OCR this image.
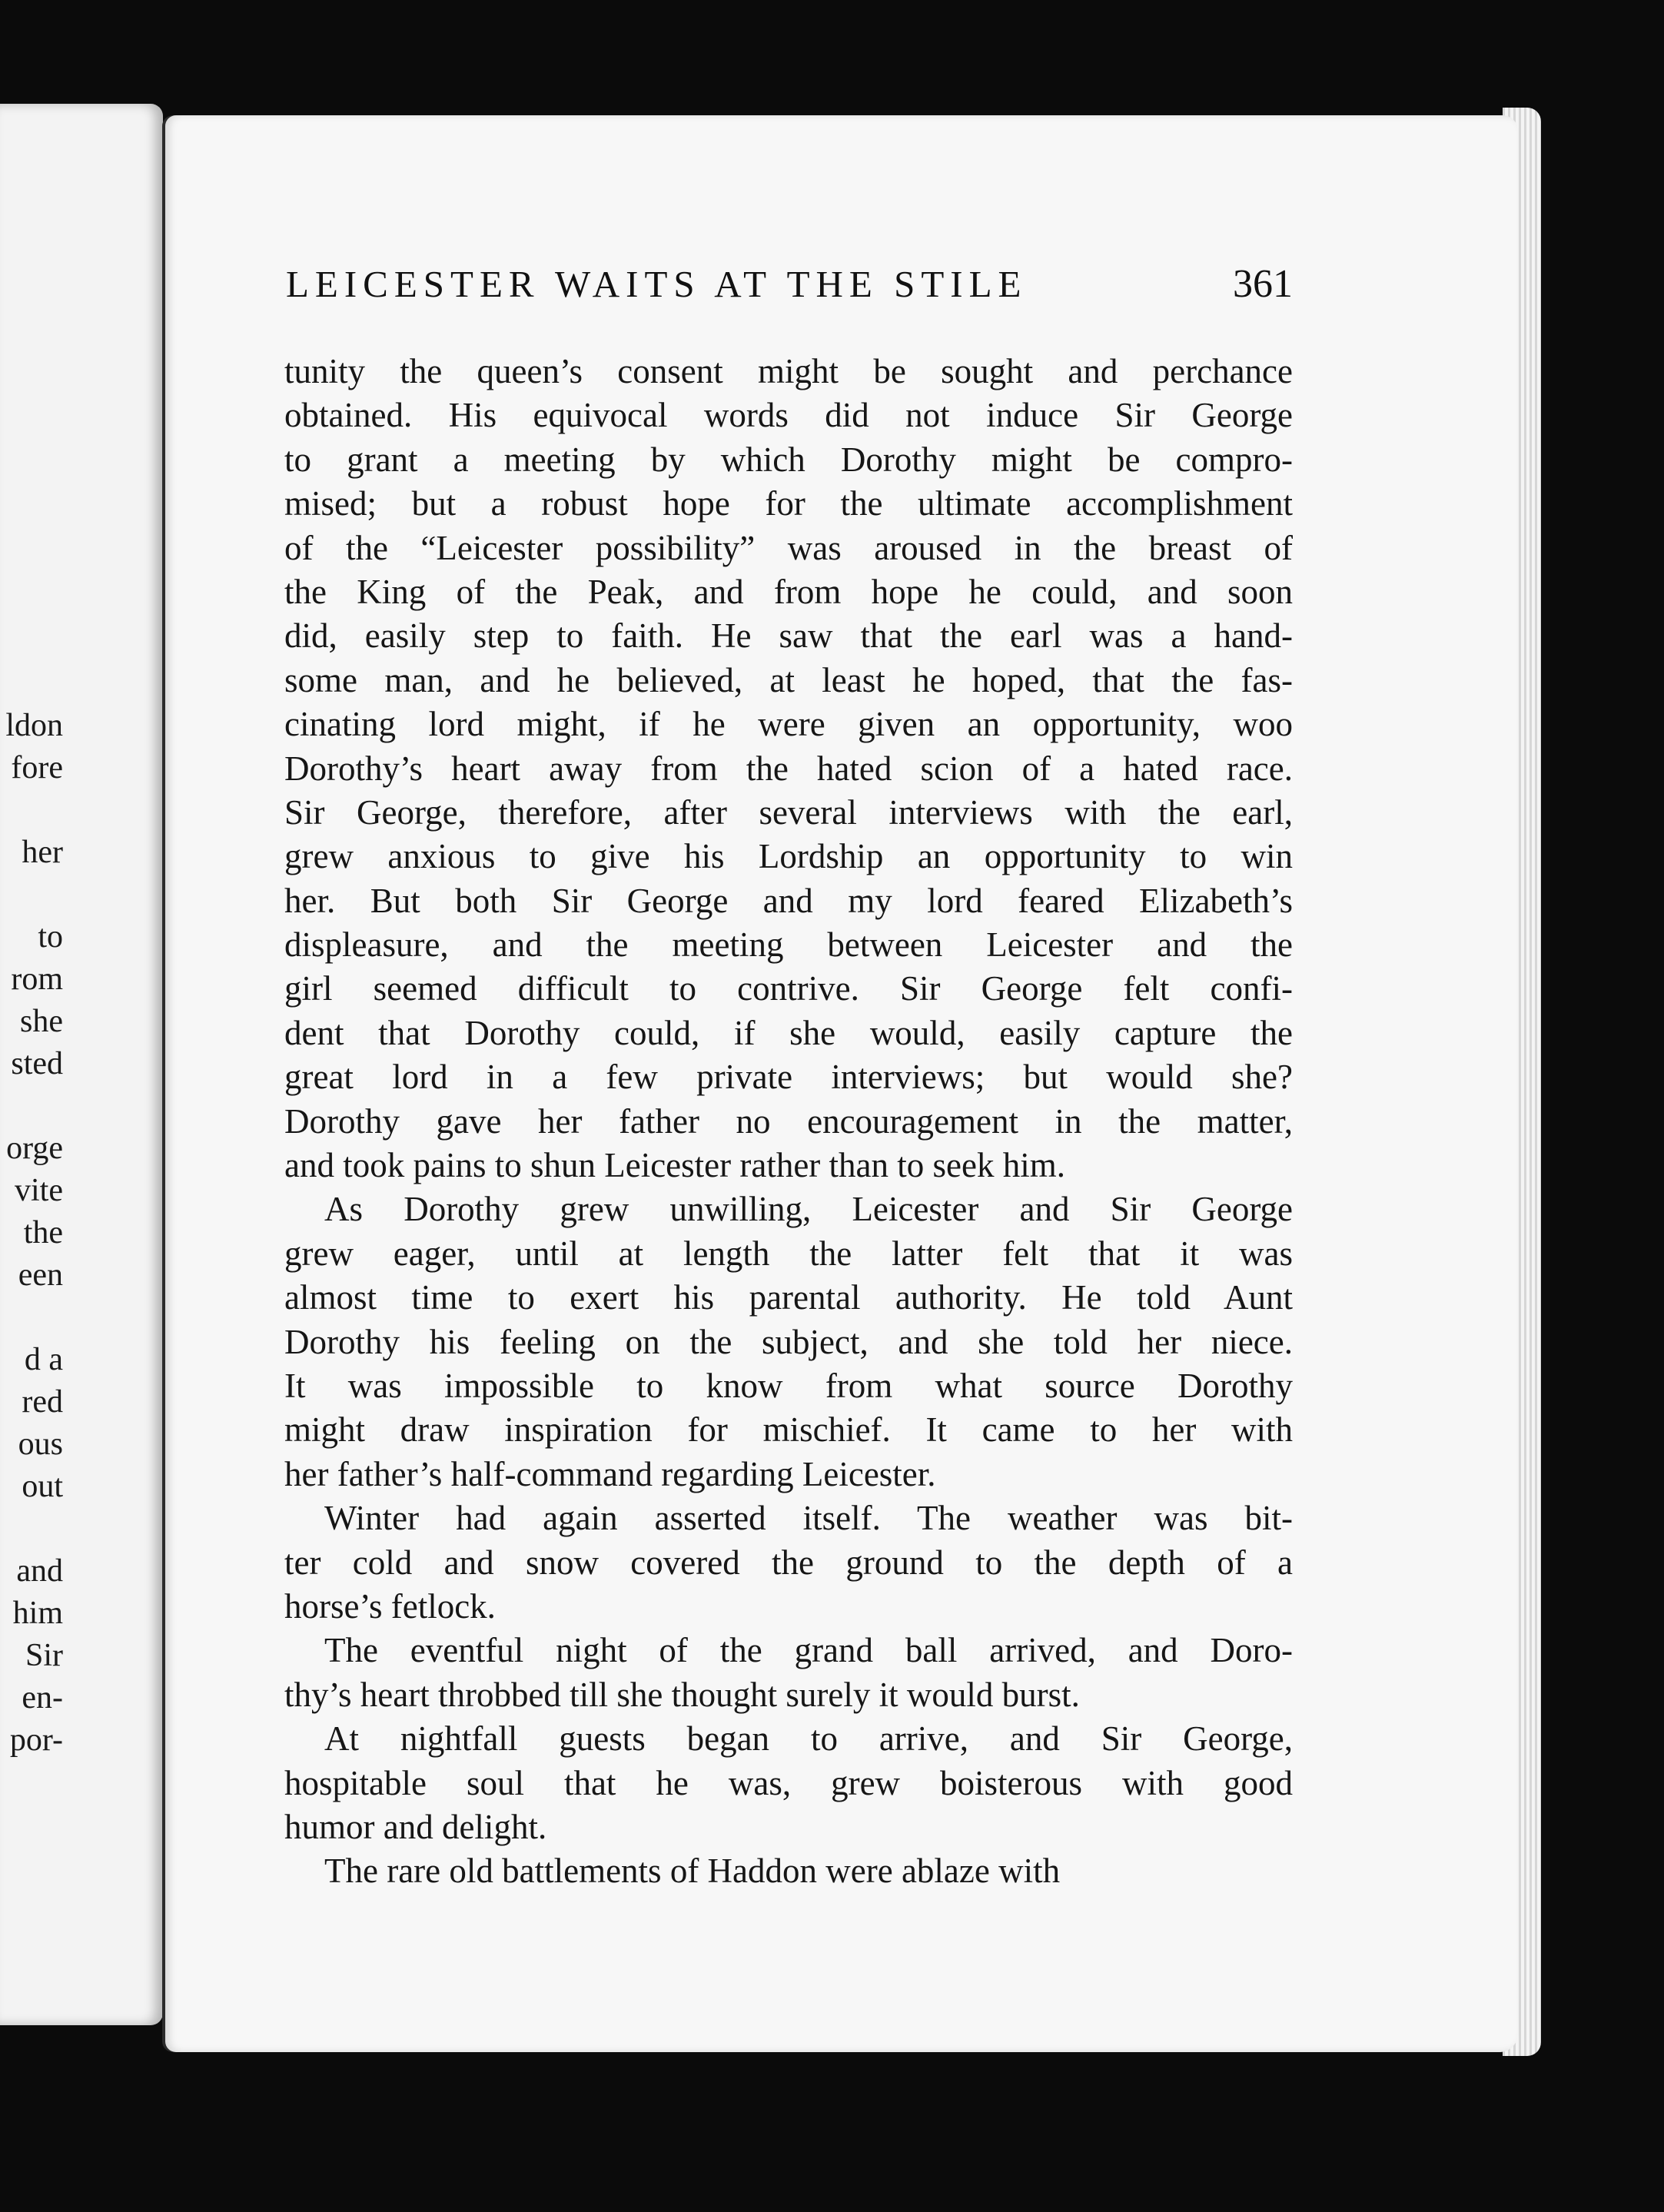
ldon
fore
her
to
rom
she
sted
orge
vite
the
een
d a
red
ous
out
and
him
Sir
en-
por-
LEICESTER WAITS AT THE STILE	361
tunity the queen’s consent might be sought and perchance
obtained. His equivocal words did not induce Sir George
to grant a meeting by which Dorothy might be compro-
mised; but a robust hope for the ultimate accomplishment
of the “Leicester possibility” was aroused in the breast of
the King of the Peak, and from hope he could, and soon
did, easily step to faith. He saw that the earl was a hand-
some man, and he believed, at least he hoped, that the fas-
cinating lord might, if he were given an opportunity, woo
Dorothy’s heart away from the hated scion of a hated race.
Sir George, therefore, after several interviews with the earl,
grew anxious to give his Lordship an opportunity to win
her. But both Sir George and my lord feared Elizabeth’s
displeasure, and the meeting between Leicester and the
girl seemed difficult to contrive. Sir George felt confi-
dent that Dorothy could, if she would, easily capture the
great lord in a few private interviews; but would she?
Dorothy gave her father no encouragement in the matter,
and took pains to shun Leicester rather than to seek him.
As Dorothy grew unwilling, Leicester and Sir George
grew eager, until at length the latter felt that it was
almost time to exert his parental authority. He told Aunt
Dorothy his feeling on the subject, and she told her niece.
It was impossible to know from what source Dorothy
might draw inspiration for mischief. It came to her with
her father’s half-command regarding Leicester.
Winter had again asserted itself. The weather was bit-
ter cold and snow covered the ground to the depth of a
horse’s fetlock.
The eventful night of the grand ball arrived, and Doro-
thy’s heart throbbed till she thought surely it would burst.
At nightfall guests began to arrive, and Sir George,
hospitable soul that he was, grew boisterous with good
humor and delight.
The rare old battlements of Haddon were ablaze with
